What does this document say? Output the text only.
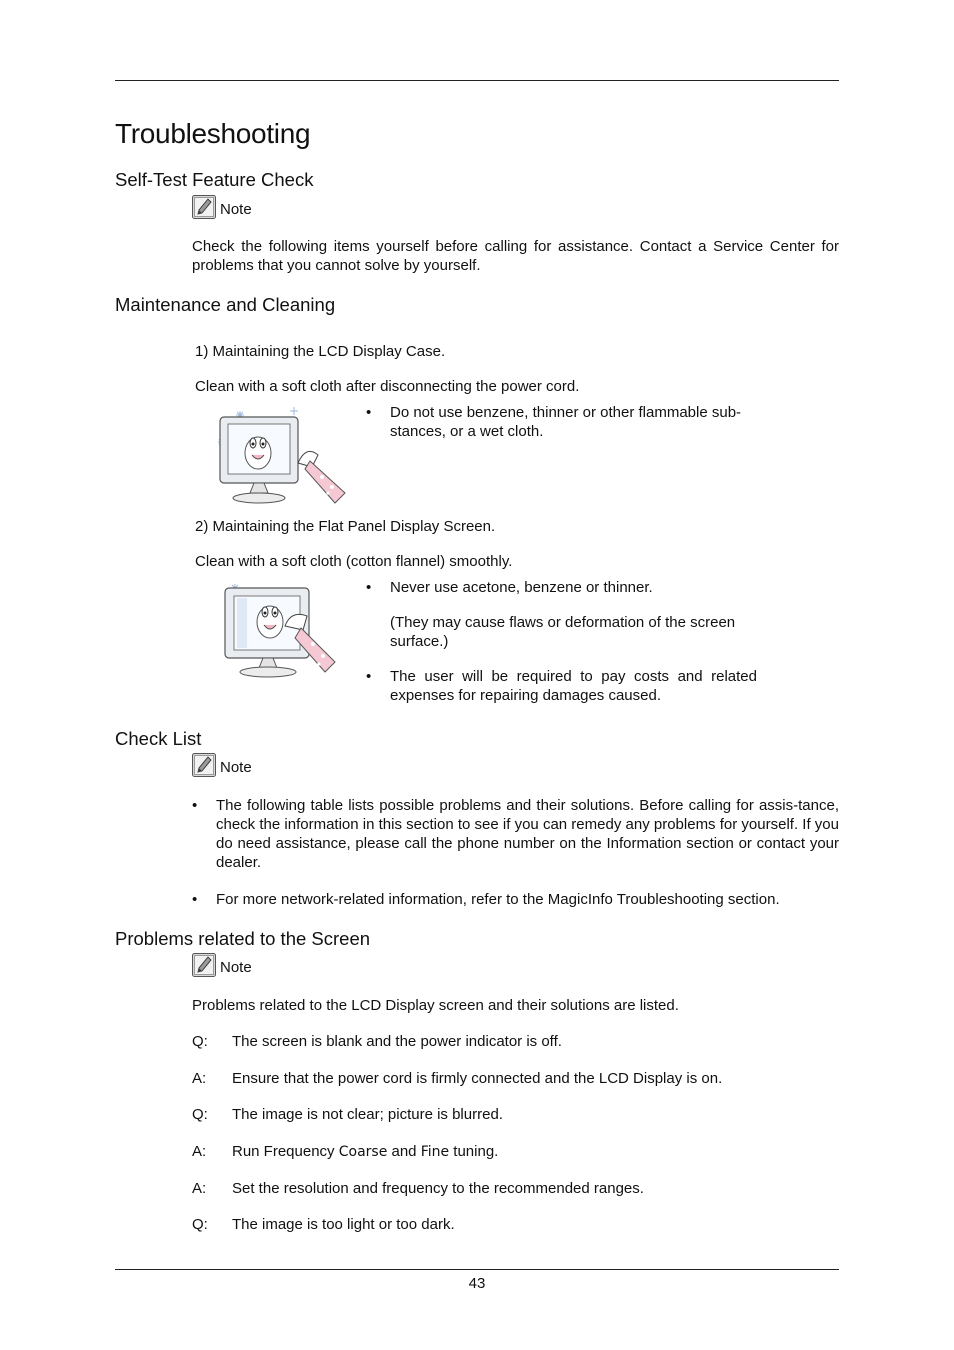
Troubleshooting
Self-Test Feature Check
Note
Check the following items yourself before calling for assistance. Contact a Service Center for problems that you cannot solve by yourself.
Maintenance and Cleaning
1) Maintaining the LCD Display Case.
Clean with a soft cloth after disconnecting the power cord.
•	Do not use benzene, thinner or other flammable sub-stances, or a wet cloth.
2) Maintaining the Flat Panel Display Screen.
Clean with a soft cloth (cotton flannel) smoothly.
•	Never use acetone, benzene or thinner.
(They may cause flaws or deformation of the screen surface.)
•	The user will be required to pay costs and related expenses for repairing damages caused.
Check List
Note
•	The following table lists possible problems and their solutions. Before calling for assis-tance, check the information in this section to see if you can remedy any problems for yourself. If you do need assistance, please call the phone number on the Information section or contact your dealer.
•	For more network-related information, refer to the MagicInfo Troubleshooting section.
Problems related to the Screen
Note
Problems related to the LCD Display screen and their solutions are listed.
Q: The screen is blank and the power indicator is off.
A: Ensure that the power cord is firmly connected and the LCD Display is on.
Q: The image is not clear; picture is blurred.
A: Run Frequency Coarse and Fine tuning.
A: Set the resolution and frequency to the recommended ranges.
Q: The image is too light or too dark.
43
